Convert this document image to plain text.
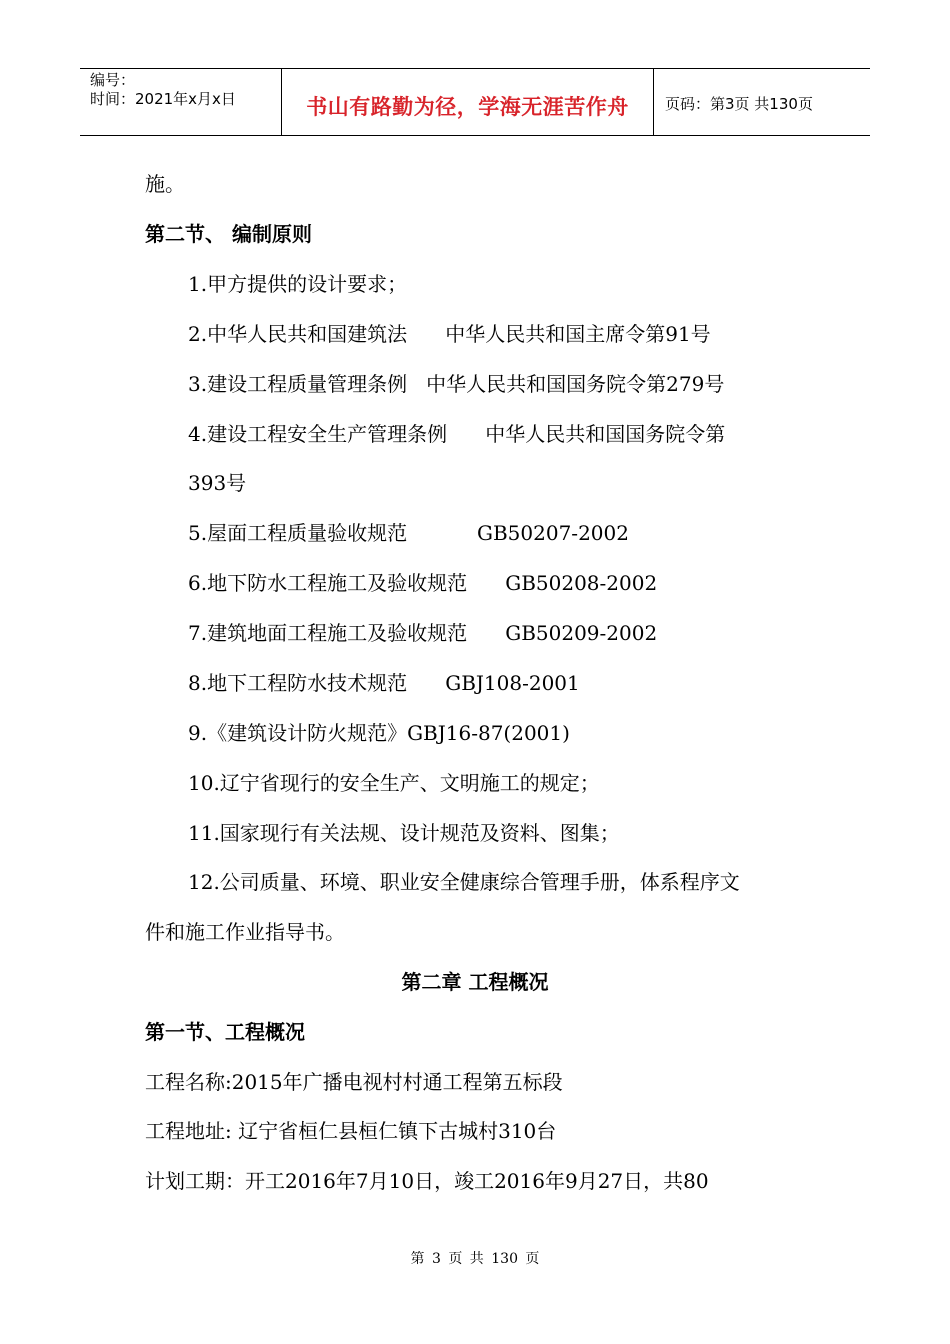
编号：
时间：2021年x月x日	书山有路勤为径，学海无涯苦作舟	页码：第3页 共130页
施。
第二节、 编制原则
1.甲方提供的设计要求；
2.中华人民共和国建筑法      中华人民共和国主席令第91号
3.建设工程质量管理条例   中华人民共和国国务院令第279号
4.建设工程安全生产管理条例      中华人民共和国国务院令第
393号
5.屋面工程质量验收规范           GB50207-2002
6.地下防水工程施工及验收规范      GB50208-2002
7.建筑地面工程施工及验收规范      GB50209-2002
8.地下工程防水技术规范      GBJ108-2001
9.《建筑设计防火规范》GBJ16-87(2001)
10.辽宁省现行的安全生产、文明施工的规定；
11.国家现行有关法规、设计规范及资料、图集；
12.公司质量、环境、职业安全健康综合管理手册，体系程序文
件和施工作业指导书。
第二章 工程概况
第一节、工程概况
工程名称:2015年广播电视村村通工程第五标段
工程地址: 辽宁省桓仁县桓仁镇下古城村310台
计划工期：开工2016年7月10日，竣工2016年9月27日，共80
第 3 页 共 130 页
